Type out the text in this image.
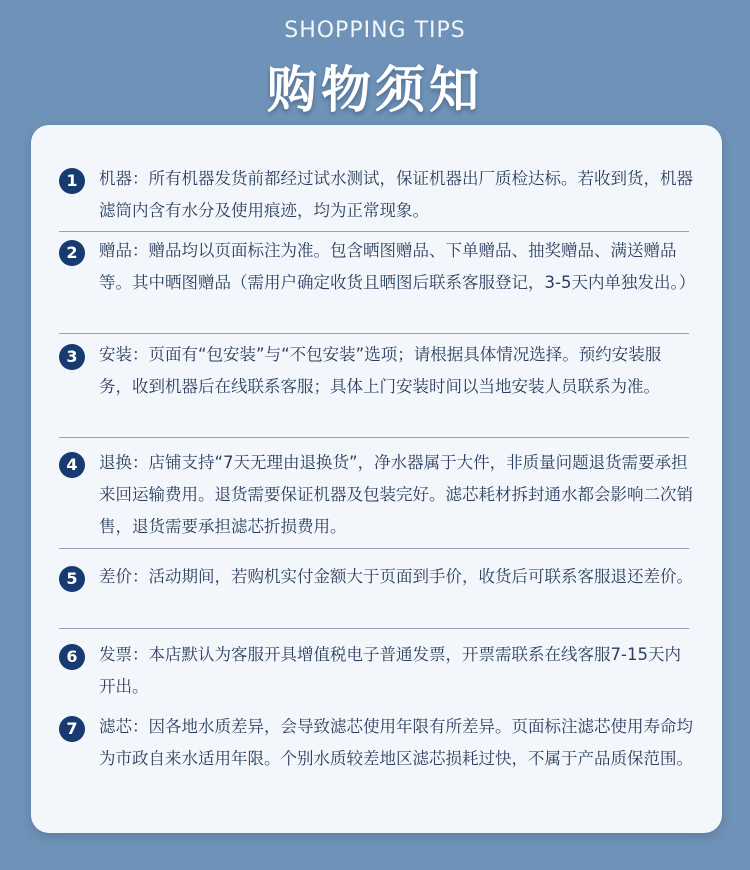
SHOPPING TIPS
购物须知
1	机器：所有机器发货前都经过试水测试，保证机器出厂质检达标。若收到货，机器滤筒内含有水分及使用痕迹，均为正常现象。
2	赠品：赠品均以页面标注为准。包含晒图赠品、下单赠品、抽奖赠品、满送赠品等。其中晒图赠品（需用户确定收货且晒图后联系客服登记，3-5天内单独发出。）
3	安装：页面有“包安装”与“不包安装”选项；请根据具体情况选择。预约安装服务，收到机器后在线联系客服；具体上门安装时间以当地安装人员联系为准。
4	退换：店铺支持“7天无理由退换货”，净水器属于大件，非质量问题退货需要承担来回运输费用。退货需要保证机器及包装完好。滤芯耗材拆封通水都会影响二次销售，退货需要承担滤芯折损费用。
5	差价：活动期间，若购机实付金额大于页面到手价，收货后可联系客服退还差价。
6	发票：本店默认为客服开具增值税电子普通发票，开票需联系在线客服7-15天内开出。
7	滤芯：因各地水质差异，会导致滤芯使用年限有所差异。页面标注滤芯使用寿命均为市政自来水适用年限。个别水质较差地区滤芯损耗过快，不属于产品质保范围。
